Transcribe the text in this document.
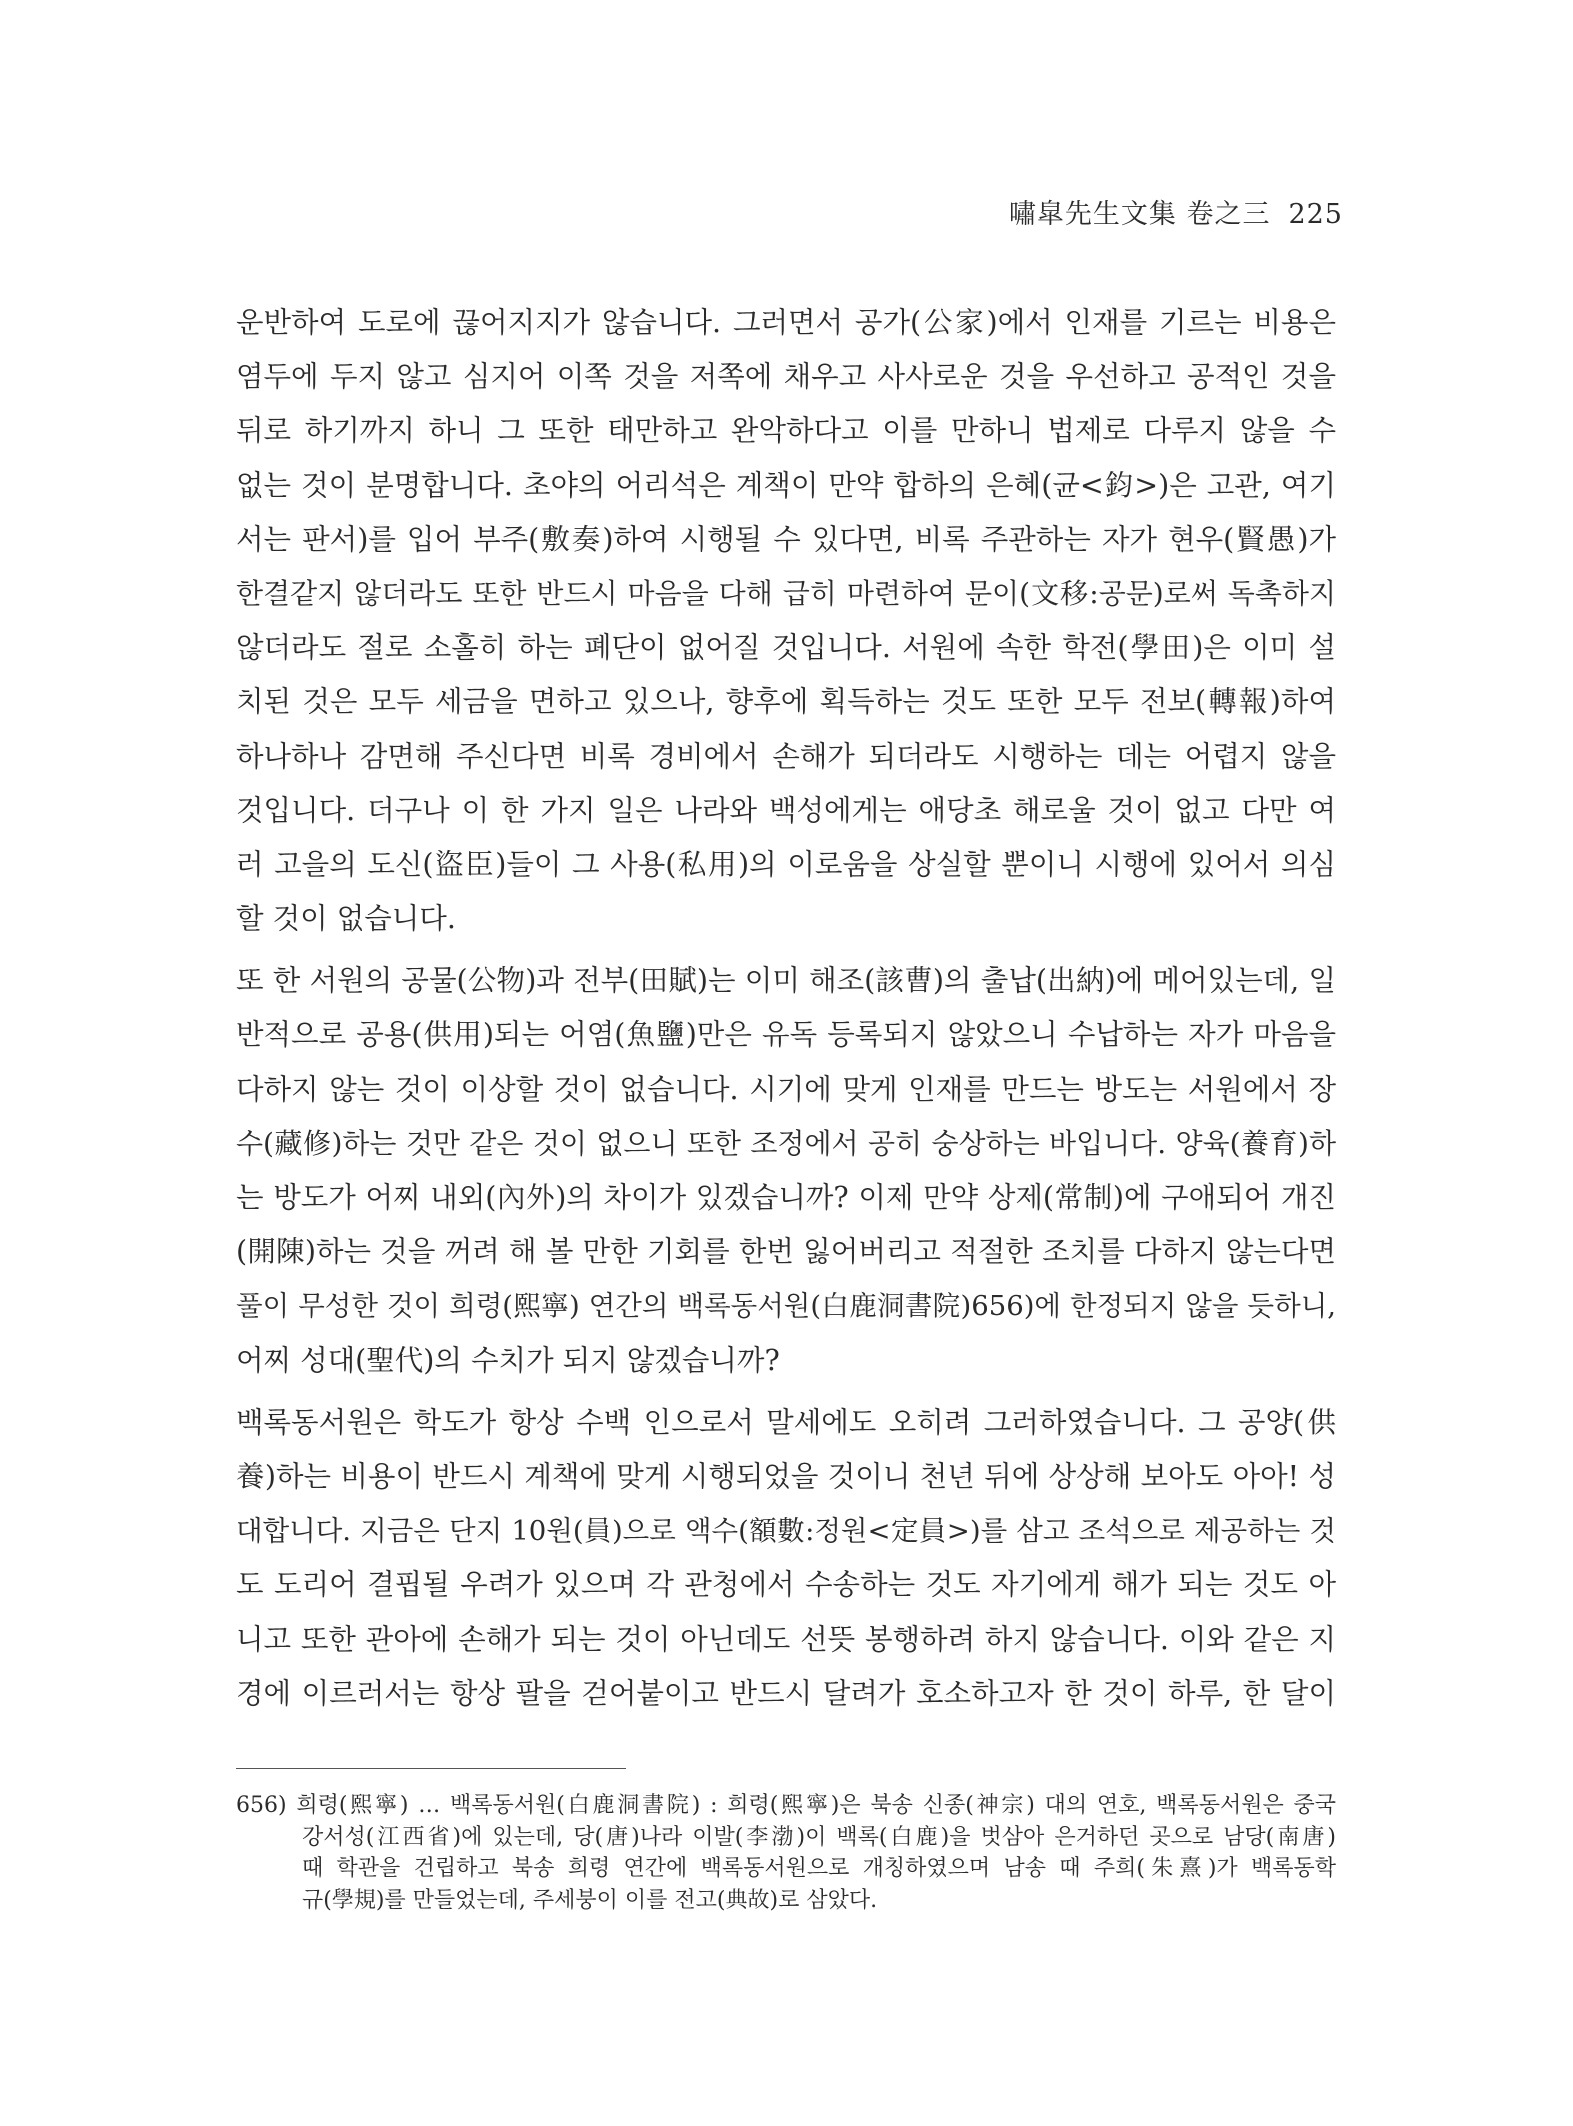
嘯皐先生文集 卷之三 225
운반하여 도로에 끊어지지가 않습니다. 그러면서 공가(公家)에서 인재를 기르는 비용은
염두에 두지 않고 심지어 이쪽 것을 저쪽에 채우고 사사로운 것을 우선하고 공적인 것을
뒤로 하기까지 하니 그 또한 태만하고 완악하다고 이를 만하니 법제로 다루지 않을 수
없는 것이 분명합니다. 초야의 어리석은 계책이 만약 합하의 은혜(균<鈞>)은 고관, 여기
서는 판서)를 입어 부주(敷奏)하여 시행될 수 있다면, 비록 주관하는 자가 현우(賢愚)가
한결같지 않더라도 또한 반드시 마음을 다해 급히 마련하여 문이(文移:공문)로써 독촉하지
않더라도 절로 소홀히 하는 폐단이 없어질 것입니다. 서원에 속한 학전(學田)은 이미 설
치된 것은 모두 세금을 면하고 있으나, 향후에 획득하는 것도 또한 모두 전보(轉報)하여
하나하나 감면해 주신다면 비록 경비에서 손해가 되더라도 시행하는 데는 어렵지 않을
것입니다. 더구나 이 한 가지 일은 나라와 백성에게는 애당초 해로울 것이 없고 다만 여
러 고을의 도신(盜臣)들이 그 사용(私用)의 이로움을 상실할 뿐이니 시행에 있어서 의심
할 것이 없습니다.
또 한 서원의 공물(公物)과 전부(田賦)는 이미 해조(該曹)의 출납(出納)에 메어있는데, 일
반적으로 공용(供用)되는 어염(魚鹽)만은 유독 등록되지 않았으니 수납하는 자가 마음을
다하지 않는 것이 이상할 것이 없습니다. 시기에 맞게 인재를 만드는 방도는 서원에서 장
수(藏修)하는 것만 같은 것이 없으니 또한 조정에서 공히 숭상하는 바입니다. 양육(養育)하
는 방도가 어찌 내외(內外)의 차이가 있겠습니까? 이제 만약 상제(常制)에 구애되어 개진
(開陳)하는 것을 꺼려 해 볼 만한 기회를 한번 잃어버리고 적절한 조치를 다하지 않는다면
풀이 무성한 것이 희령(熙寧) 연간의 백록동서원(白鹿洞書院)656)에 한정되지 않을 듯하니,
어찌 성대(聖代)의 수치가 되지 않겠습니까?
백록동서원은 학도가 항상 수백 인으로서 말세에도 오히려 그러하였습니다. 그 공양(供
養)하는 비용이 반드시 계책에 맞게 시행되었을 것이니 천년 뒤에 상상해 보아도 아아! 성
대합니다. 지금은 단지 10원(員)으로 액수(額數:정원<定員>)를 삼고 조석으로 제공하는 것
도 도리어 결핍될 우려가 있으며 각 관청에서 수송하는 것도 자기에게 해가 되는 것도 아
니고 또한 관아에 손해가 되는 것이 아닌데도 선뜻 봉행하려 하지 않습니다. 이와 같은 지
경에 이르러서는 항상 팔을 걷어붙이고 반드시 달려가 호소하고자 한 것이 하루, 한 달이
656) 희령(熙寧) … 백록동서원(白鹿洞書院) : 희령(熙寧)은 북송 신종(神宗) 대의 연호, 백록동서원은 중국
강서성(江西省)에 있는데, 당(唐)나라 이발(李渤)이 백록(白鹿)을 벗삼아 은거하던 곳으로 남당(南唐)
때 학관을 건립하고 북송 희령 연간에 백록동서원으로 개칭하였으며 남송 때 주희(朱熹)가 백록동학
규(學規)를 만들었는데, 주세붕이 이를 전고(典故)로 삼았다.
